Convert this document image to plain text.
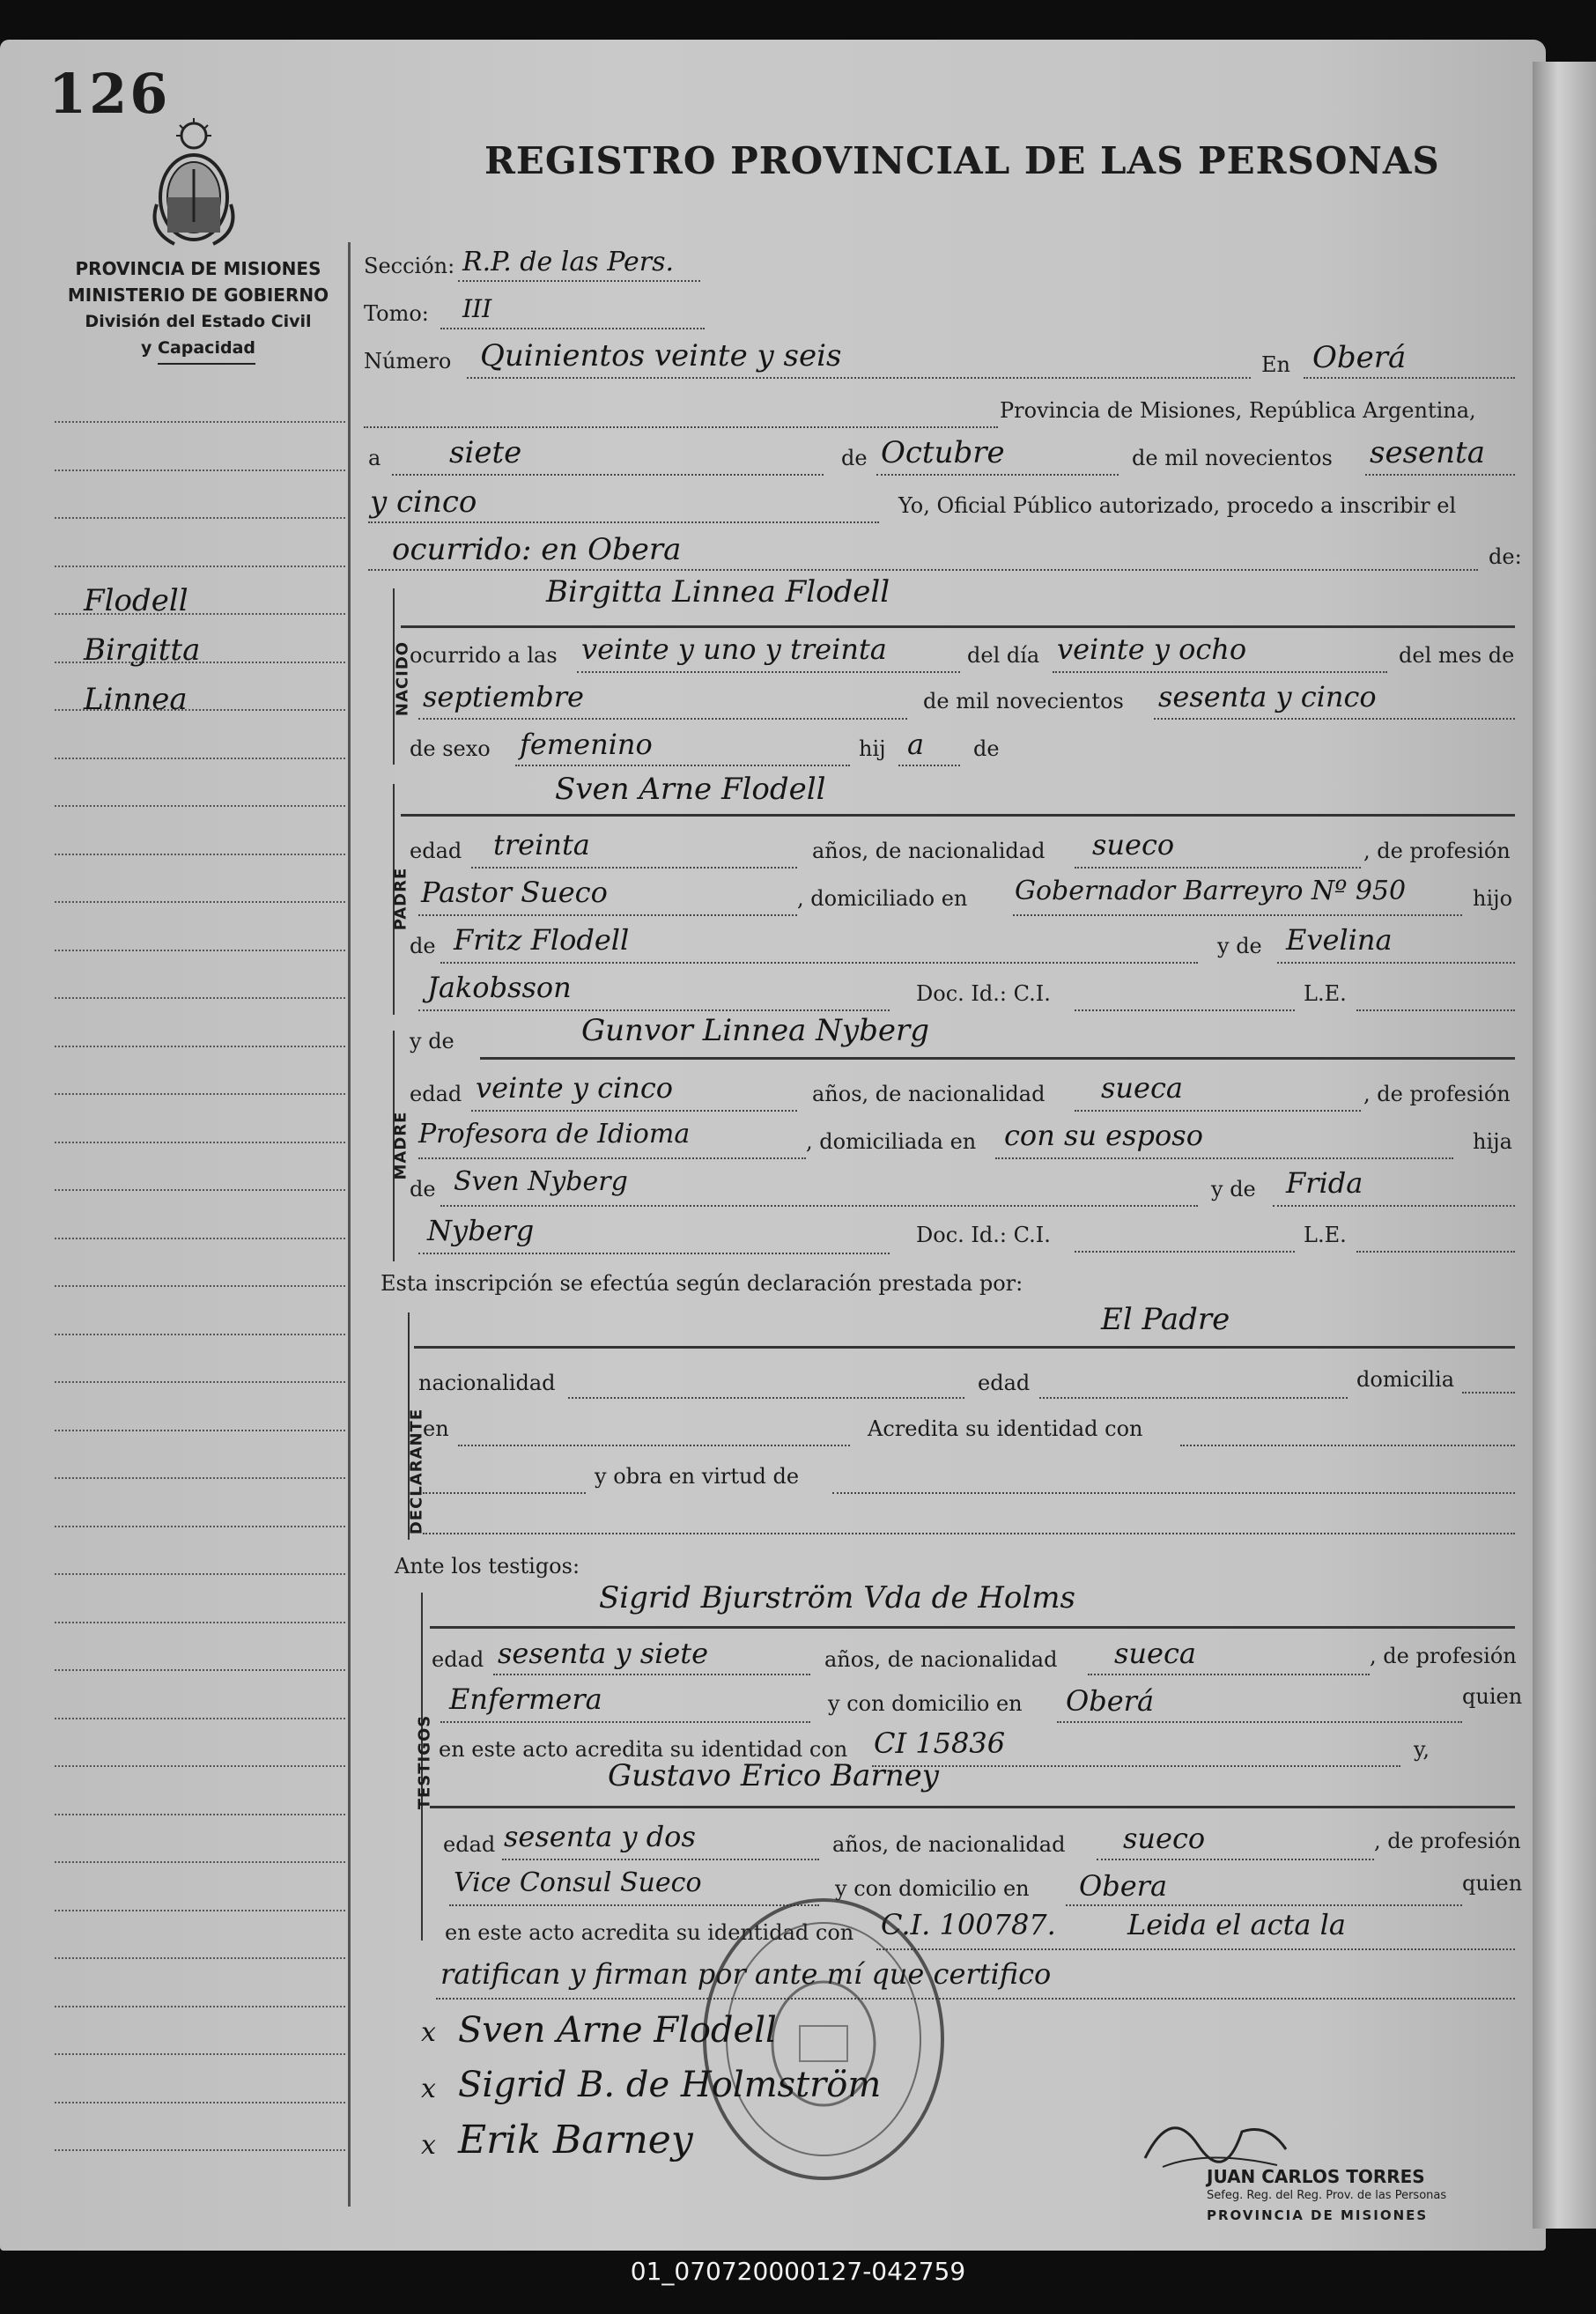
126
REGISTRO PROVINCIAL DE LAS PERSONAS
PROVINCIA DE MISIONES
MINISTERIO DE GOBIERNO
División del Estado Civil
y Capacidad
Flodell
Birgitta
Linnea
Sección: R.P. de las Pers.
Tomo: III
Número Quinientos veinte y seis	En Oberá
Provincia de Misiones, República Argentina,
a siete	de Octubre	de mil novecientos sesenta
y cinco	Yo, Oficial Público autorizado, procedo a inscribir el
ocurrido: en Obera	de:
NACIDO
Birgitta Linnea Flodell
ocurrido a las veinte y uno y treinta	del día veinte y ocho	del mes de
septiembre	de mil novecientos sesenta y cinco
de sexo femenino	hij a de
PADRE
Sven Arne Flodell
edad treinta	años, de nacionalidad sueco	, de profesión
Pastor Sueco	, domiciliado en Gobernador Barreyro Nº 950	hijo
de Fritz Flodell	y de Evelina
Jakobsson	Doc. Id.: C.I.	L.E.
MADRE
y de	Gunvor Linnea Nyberg
edad veinte y cinco	años, de nacionalidad sueca	, de profesión
Profesora de Idioma	, domiciliada en con su esposo	hija
de Sven Nyberg	y de Frida
Nyberg	Doc. Id.: C.I.	L.E.
Esta inscripción se efectúa según declaración prestada por:
DECLARANTE
El Padre
nacionalidad	edad	domicilia
en	Acredita su identidad con
y obra en virtud de
Ante los testigos:
TESTIGOS
Sigrid Bjurström Vda de Holms
edad sesenta y siete	años, de nacionalidad sueca	, de profesión
Enfermera	y con domicilio en Oberá	quien
en este acto acredita su identidad con CI 15836	y,
Gustavo Erico Barney
edad sesenta y dos	años, de nacionalidad sueco	, de profesión
Vice Consul Sueco	y con domicilio en Obera	quien
en este acto acredita su identidad con C.I. 100787.	Leida el acta la
ratifican y firman por ante mí que certifico
x Sven Arne Flodell
x Sigrid B. de Holmström
x Erik Barney
JUAN CARLOS TORRES
Sefeg. Reg. del Reg. Prov. de las Personas
PROVINCIA DE MISIONES
01_070720000127-042759
